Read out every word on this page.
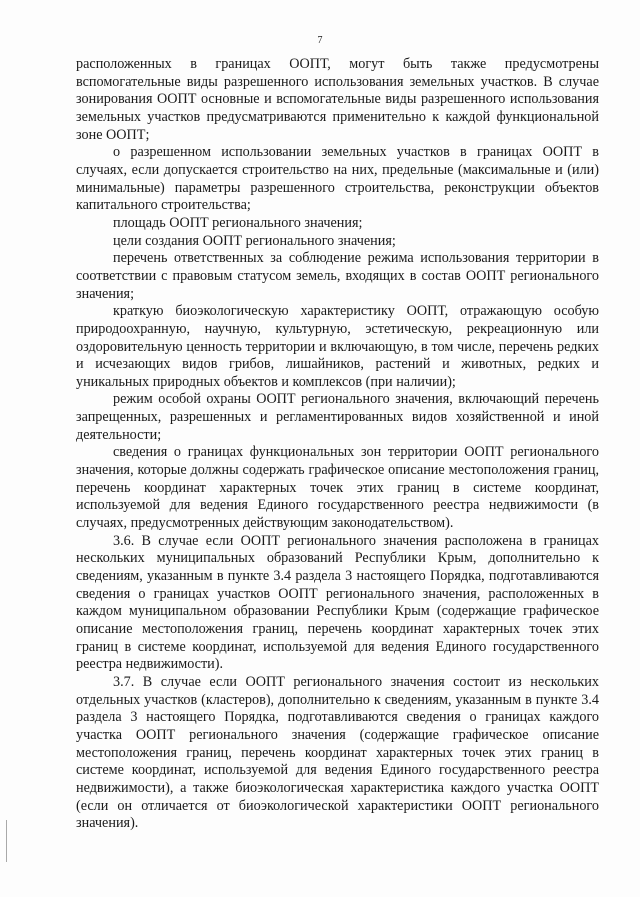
7

расположенных в границах ООПТ, могут быть также предусмотрены вспомогательные виды разрешенного использования земельных участков. В случае зонирования ООПТ основные и вспомогательные виды разрешенного использования земельных участков предусматриваются применительно к каждой функциональной зоне ООПТ;

о разрешенном использовании земельных участков в границах ООПТ в случаях, если допускается строительство на них, предельные (максимальные и (или) минимальные) параметры разрешенного строительства, реконструкции объектов капитального строительства;

площадь ООПТ регионального значения;

цели создания ООПТ регионального значения;

перечень ответственных за соблюдение режима использования территории в соответствии с правовым статусом земель, входящих в состав ООПТ регионального значения;

краткую биоэкологическую характеристику ООПТ, отражающую особую природоохранную, научную, культурную, эстетическую, рекреационную или оздоровительную ценность территории и включающую, в том числе, перечень редких и исчезающих видов грибов, лишайников, растений и животных, редких и уникальных природных объектов и комплексов (при наличии);

режим особой охраны ООПТ регионального значения, включающий перечень запрещенных, разрешенных и регламентированных видов хозяйственной и иной деятельности;

сведения о границах функциональных зон территории ООПТ регионального значения, которые должны содержать графическое описание местоположения границ, перечень координат характерных точек этих границ в системе координат, используемой для ведения Единого государственного реестра недвижимости (в случаях, предусмотренных действующим законодательством).

3.6. В случае если ООПТ регионального значения расположена в границах нескольких муниципальных образований Республики Крым, дополнительно к сведениям, указанным в пункте 3.4 раздела 3 настоящего Порядка, подготавливаются сведения о границах участков ООПТ регионального значения, расположенных в каждом муниципальном образовании Республики Крым (содержащие графическое описание местоположения границ, перечень координат характерных точек этих границ в системе координат, используемой для ведения Единого государственного реестра недвижимости).

3.7. В случае если ООПТ регионального значения состоит из нескольких отдельных участков (кластеров), дополнительно к сведениям, указанным в пункте 3.4 раздела 3 настоящего Порядка, подготавливаются сведения о границах каждого участка ООПТ регионального значения (содержащие графическое описание местоположения границ, перечень координат характерных точек этих границ в системе координат, используемой для ведения Единого государственного реестра недвижимости), а также биоэкологическая характеристика каждого участка ООПТ (если он отличается от биоэкологической характеристики ООПТ регионального значения).
